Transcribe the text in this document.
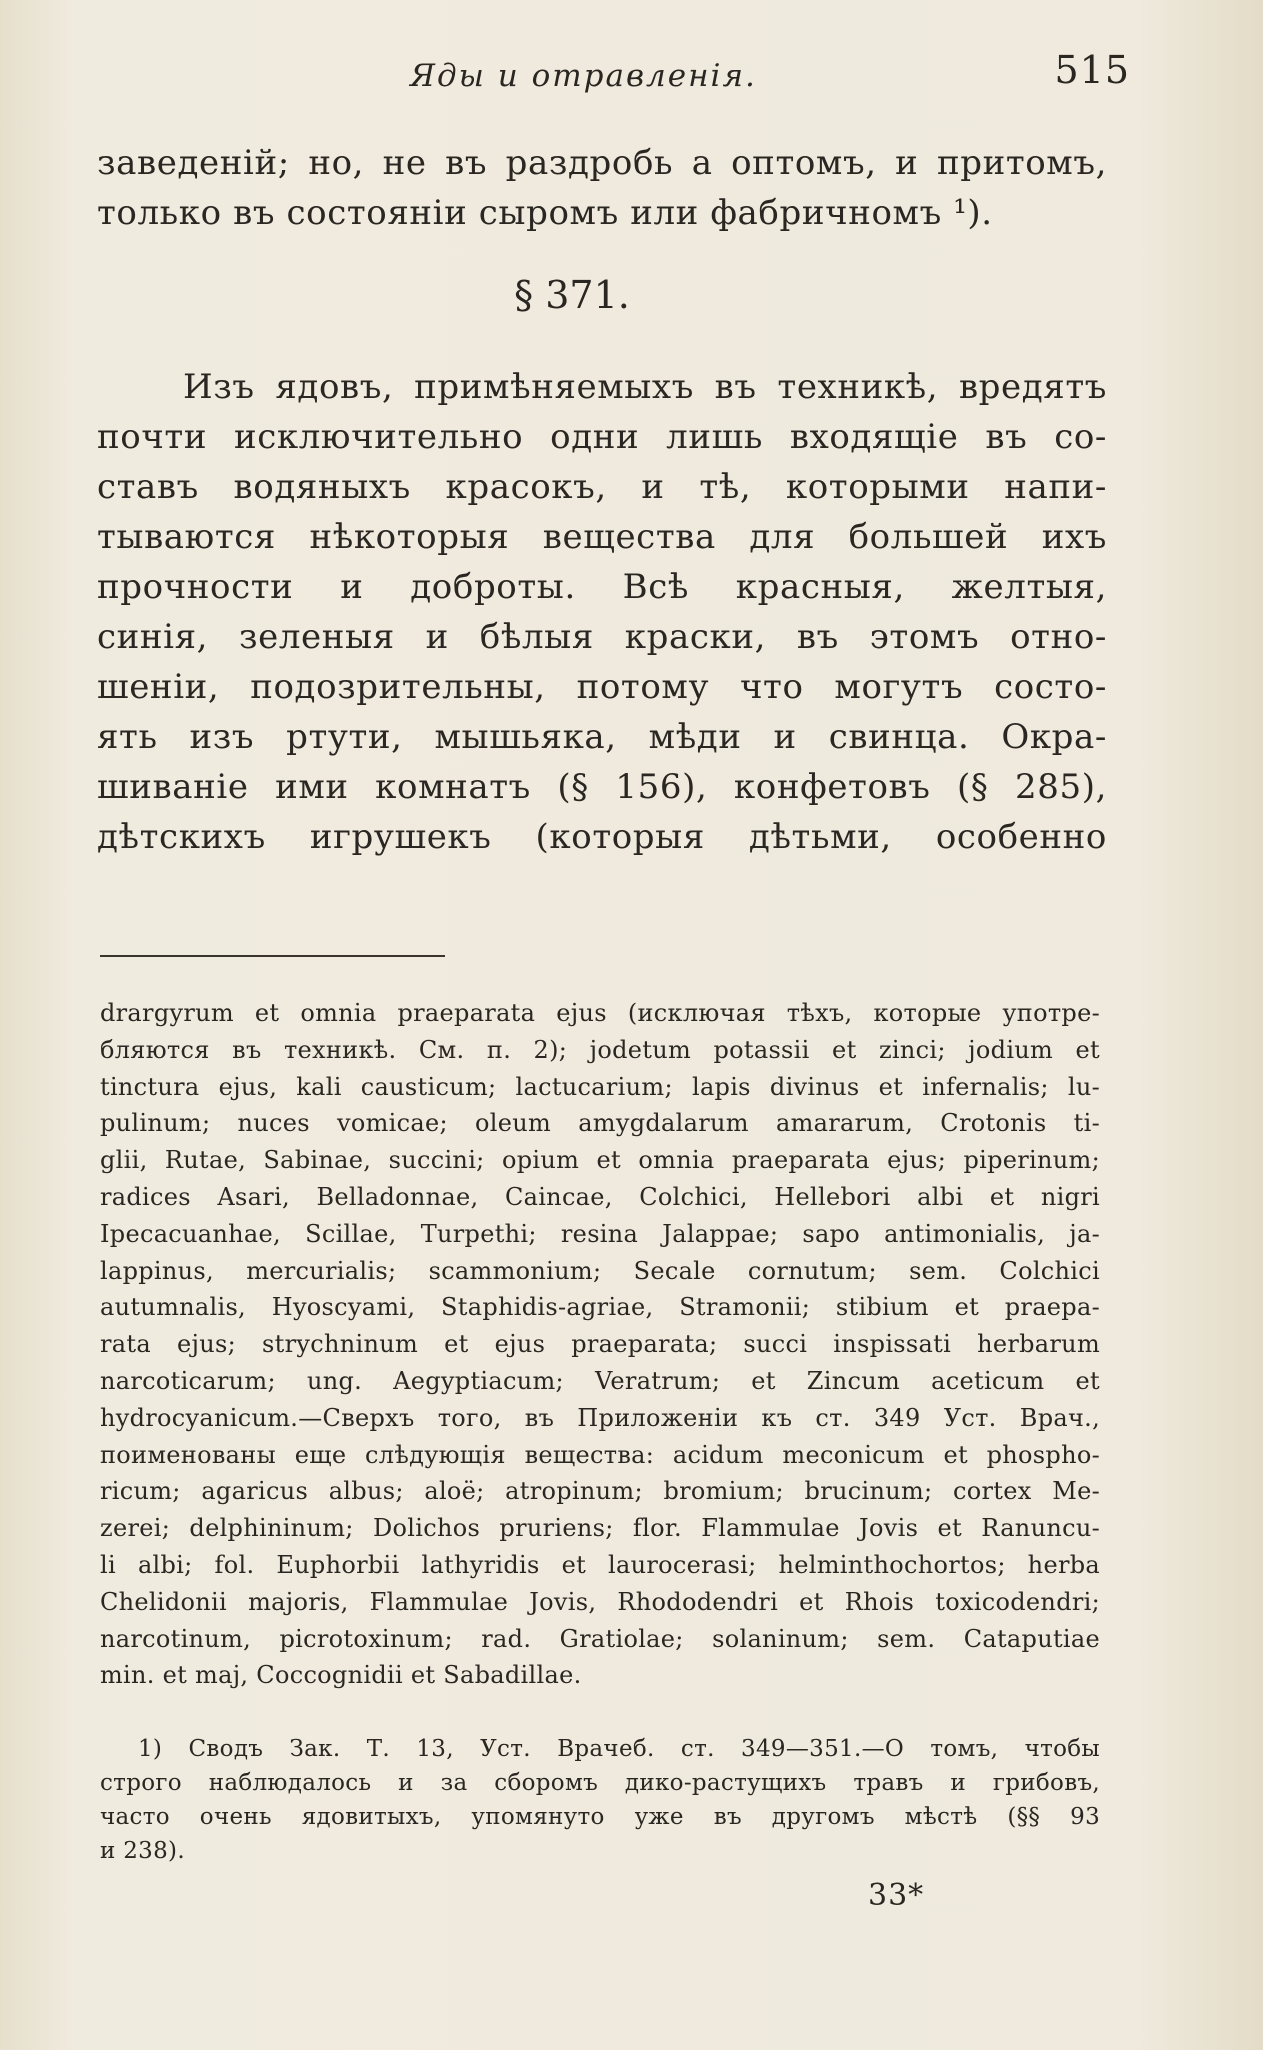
Яды и отравленія.	515
заведеній; но, не въ раздробь а оптомъ, и притомъ,
только въ состояніи сыромъ или фабричномъ ¹).
§ 371.
Изъ ядовъ, примѣняемыхъ въ техникѣ, вредятъ
почти исключительно одни лишь входящіе въ со-
ставъ водяныхъ красокъ, и тѣ, которыми напи-
тываются нѣкоторыя вещества для большей ихъ
прочности и доброты. Всѣ красныя, желтыя,
синія, зеленыя и бѣлыя краски, въ этомъ отно-
шеніи, подозрительны, потому что могутъ состо-
ять изъ ртути, мышьяка, мѣди и свинца. Окра-
шиваніе ими комнатъ (§ 156), конфетовъ (§ 285),
дѣтскихъ игрушекъ (которыя дѣтьми, особенно
drargyrum et omnia praeparata ejus (исключая тѣхъ, которые употре-
бляются въ техникѣ. См. п. 2); jodetum potassii et zinci; jodium et
tinctura ejus, kali causticum; lactucarium; lapis divinus et infernalis; lu-
pulinum; nuces vomicae; oleum amygdalarum amararum, Crotonis ti-
glii, Rutae, Sabinae, succini; opium et omnia praeparata ejus; piperinum;
radices Asari, Belladonnae, Caincae, Colchici, Hellebori albi et nigri
Ipecacuanhae, Scillae, Turpethi; resina Jalappae; sapo antimonialis, ja-
lappinus, mercurialis; scammonium; Secale cornutum; sem. Colchici
autumnalis, Hyoscyami, Staphidis-agriae, Stramonii; stibium et praepa-
rata ejus; strychninum et ejus praeparata; succi inspissati herbarum
narcoticarum; ung. Aegyptiacum; Veratrum; et Zincum aceticum et
hydrocyanicum.—Сверхъ того, въ Приложеніи къ ст. 349 Уст. Врач.,
поименованы еще слѣдующія вещества: acidum meconicum et phospho-
ricum; agaricus albus; aloë; atropinum; bromium; brucinum; cortex Me-
zerei; delphininum; Dolichos pruriens; flor. Flammulae Jovis et Ranuncu-
li albi; fol. Euphorbii lathyridis et laurocerasi; helminthochortos; herba
Chelidonii majoris, Flammulae Jovis, Rhododendri et Rhois toxicodendri;
narcotinum, picrotoxinum; rad. Gratiolae; solaninum; sem. Cataputiae
min. et maj, Coccognidii et Sabadillae.
1) Сводъ Зак. Т. 13, Уст. Врачеб. ст. 349—351.—О томъ, чтобы
строго наблюдалось и за сборомъ дико-растущихъ травъ и грибовъ,
часто очень ядовитыхъ, упомянуто уже въ другомъ мѣстѣ (§§ 93
и 238).
33*
